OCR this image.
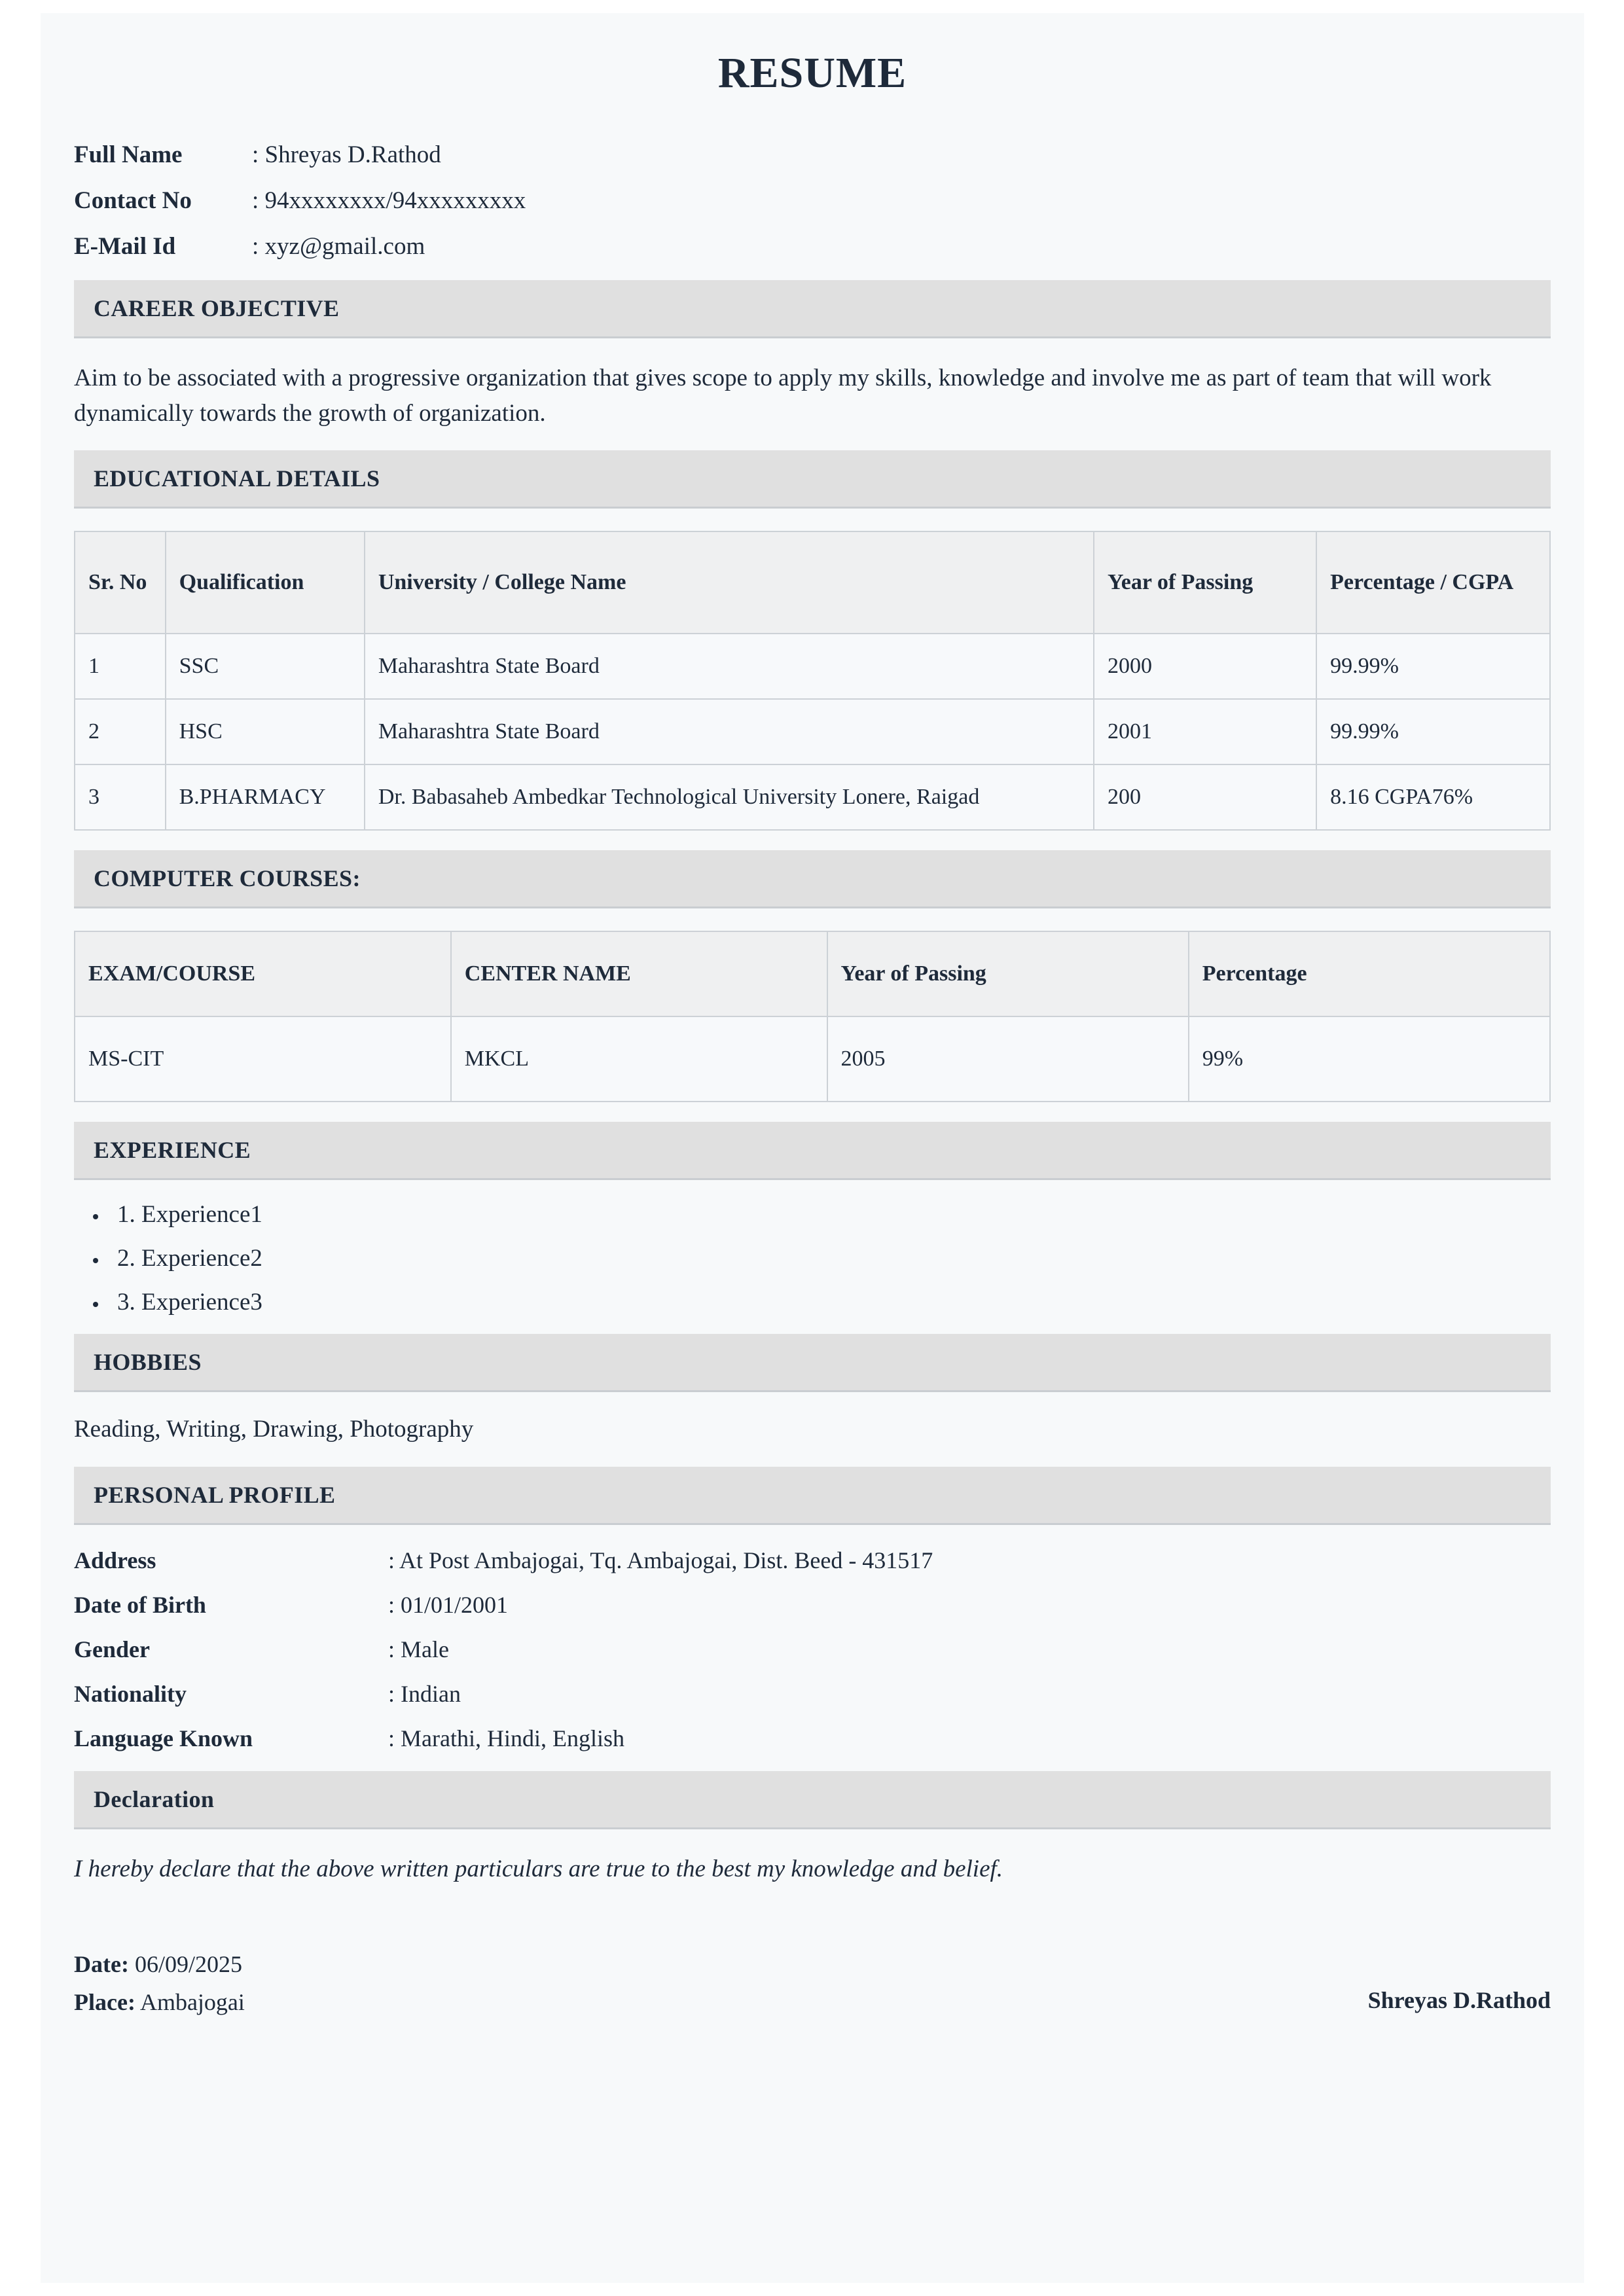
RESUME
Full Name	: Shreyas D.Rathod
Contact No	: 94xxxxxxxx/94xxxxxxxxx
E-Mail Id	: xyz@gmail.com
CAREER OBJECTIVE

Aim to be associated with a progressive organization that gives scope to apply my skills, knowledge and involve me as part of team that will work dynamically towards the growth of organization.

EDUCATIONAL DETAILS
Sr. No	Qualification	University / College Name	Year of Passing	Percentage / CGPA
1	SSC	Maharashtra State Board	2000	99.99%
2	HSC	Maharashtra State Board	2001	99.99%
3	B.PHARMACY	Dr. Babasaheb Ambedkar Technological University Lonere, Raigad	200	8.16 CGPA76%
COMPUTER COURSES:
EXAM/COURSE	CENTER NAME	Year of Passing	Percentage
MS-CIT	MKCL	2005	99%
EXPERIENCE
• 1. Experience1
• 2. Experience2
• 3. Experience3
HOBBIES

Reading, Writing, Drawing, Photography

PERSONAL PROFILE
Address	: At Post Ambajogai, Tq. Ambajogai, Dist. Beed - 431517
Date of Birth	: 01/01/2001
Gender	: Male
Nationality	: Indian
Language Known	: Marathi, Hindi, English
Declaration

I hereby declare that the above written particulars are true to the best my knowledge and belief.

Date: 06/09/2025
Place: Ambajogai	Shreyas D.Rathod
